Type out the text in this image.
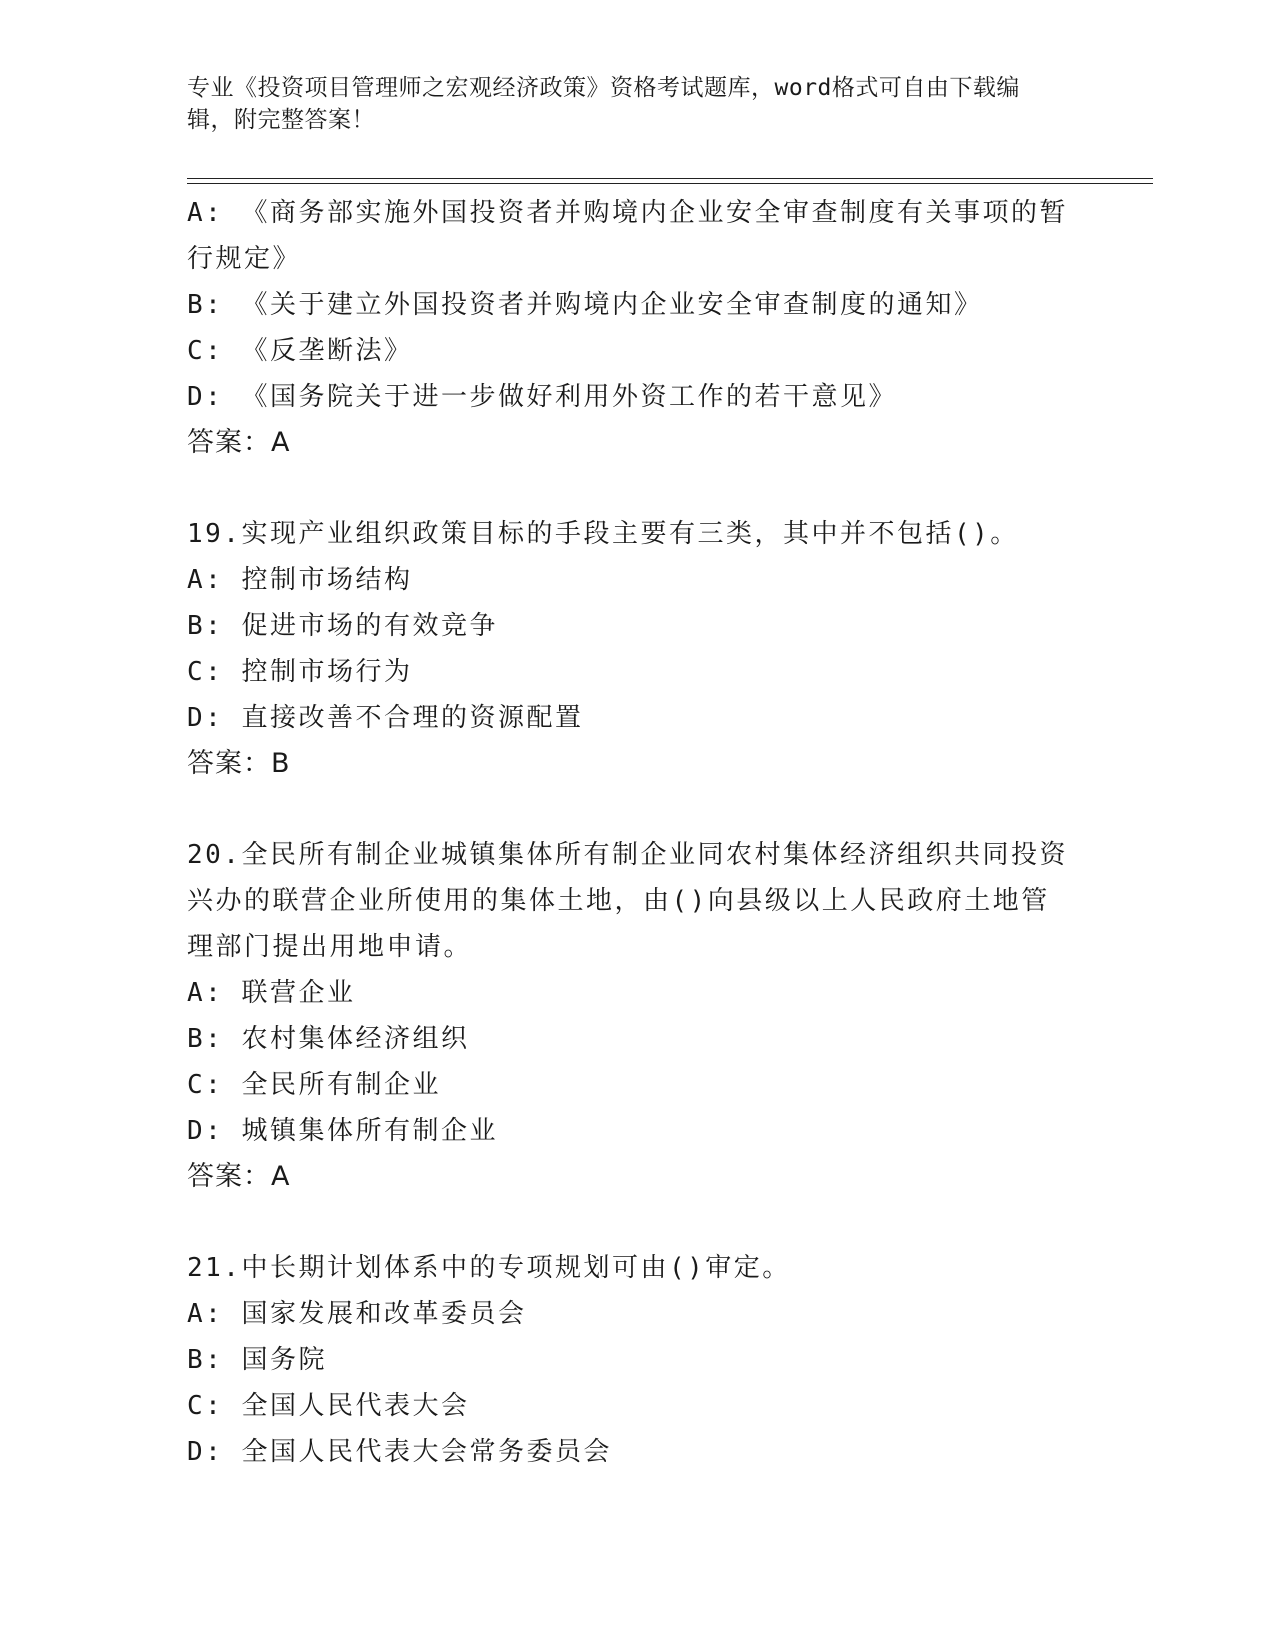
专业《投资项目管理师之宏观经济政策》资格考试题库，word格式可自由下载编
辑，附完整答案！
A: 《商务部实施外国投资者并购境内企业安全审查制度有关事项的暂
行规定》
B: 《关于建立外国投资者并购境内企业安全审查制度的通知》
C: 《反垄断法》
D: 《国务院关于进一步做好利用外资工作的若干意见》
答案：A
19.实现产业组织政策目标的手段主要有三类，其中并不包括()。
A: 控制市场结构
B: 促进市场的有效竞争
C: 控制市场行为
D: 直接改善不合理的资源配置
答案：B
20.全民所有制企业城镇集体所有制企业同农村集体经济组织共同投资
兴办的联营企业所使用的集体土地，由()向县级以上人民政府土地管
理部门提出用地申请。
A: 联营企业
B: 农村集体经济组织
C: 全民所有制企业
D: 城镇集体所有制企业
答案：A
21.中长期计划体系中的专项规划可由()审定。
A: 国家发展和改革委员会
B: 国务院
C: 全国人民代表大会
D: 全国人民代表大会常务委员会
